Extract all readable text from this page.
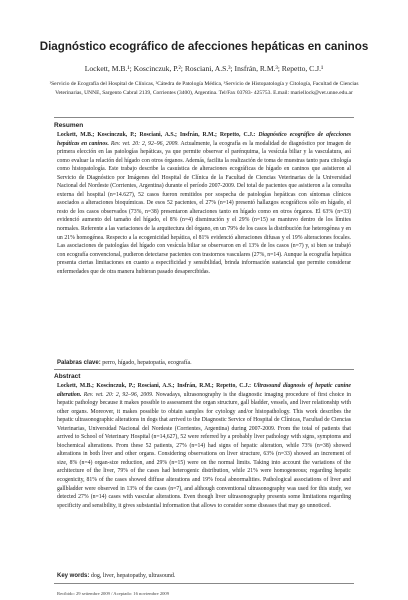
Diagnóstico ecográfico de afecciones hepáticas en caninos
Lockett, M.B.¹; Koscinczuk, P.²; Rosciani, A.S.³; Insfrán, R.M.³; Repetto, C.J.¹
¹Servicio de Ecografía del Hospital de Clínicas, ²Cátedra de Patología Médica, ³Servicio de Histopatología y Citología, Facultad de Ciencias Veterinarias, UNNE, Sargento Cabral 2139, Corrientes (3400), Argentina. Tel/Fax 03783- 425753. E.mail: mariellock@vet.unne.edu.ar
Resumen

Lockett, M.B.; Koscinczuk, P.; Rosciani, A.S.; Insfrán, R.M.; Repetto, C.J.: Diagnóstico ecográfico de afecciones hepáticas en caninos. Rev. vet. 20: 2, 92–96, 2009. Actualmente, la ecografía es la modalidad de diagnóstico por imagen de primera elección en las patologías hepáticas, ya que permite observar el parénquima, la vesícula biliar y la vasculatura, así como evaluar la relación del hígado con otros órganos. Además, facilita la realización de toma de muestras tanto para citología como histopatología. Este trabajo describe la casuística de alteraciones ecográficas de hígado en caninos que asistieron al Servicio de Diagnóstico por Imágenes del Hospital de Clínica de la Facultad de Ciencias Veterinarias de la Universidad Nacional del Nordeste (Corrientes, Argentina) durante el período 2007-2009. Del total de pacientes que asistieron a la consulta externa del hospital (n=14.627), 52 casos fueron remitidos por sospecha de patologías hepáticas con síntomas clínicos asociados a alteraciones bioquímicas. De esos 52 pacientes, el 27% (n=14) presentó hallazgos ecográficos sólo en hígado, el resto de los casos observados (73%, n=38) presentaron alteraciones tanto en hígado como en otros órganos. El 63% (n=33) evidenció aumento del tamaño del hígado, el 8% (n=4) disminución y el 29% (n=15) se mantuvo dentro de los límites normales. Referente a las variaciones de la arquitectura del órgano, en un 79% de los casos la distribución fue heterogénea y en un 21% homogénea. Respecto a la ecogenicidad hepática, el 81% evidenció alteraciones difusas y el 19% alteraciones focales. Las asociaciones de patologías del hígado con vesícula biliar se observaron en el 13% de los casos (n=7) y, si bien se trabajó con ecografía convencional, pudieron detectarse pacientes con trastornos vasculares (27%, n=14). Aunque la ecografía hepática presenta ciertas limitaciones en cuanto a especificidad y sensibilidad, brinda información sustancial que permite considerar enfermedades que de otra manera hubieran pasado desapercibidas.

Palabras clave: perro, hígado, hepatopatía, ecografía.
Abstract

Lockett, M.B.; Koscinczuk, P.; Rosciani, A.S.; Insfrán, R.M.; Repetto, C.J.: Ultrasound diagnosis of hepatic canine alteration. Rev. vet. 20: 2, 92–96, 2009. Nowadays, ultrasonography is the diagnostic imaging procedure of first choice in hepatic pathology because it makes possible to assessment the organ structure, gall bladder, vessels, and liver relationship with other organs. Moreover, it makes possible to obtain samples for cytology and/or histopathology. This work describes the hepatic ultrasonographic alterations in dogs that arrived to the Diagnostic Service of Hospital de Clínicas, Facultad de Ciencias Veterinarias, Universidad Nacional del Nordeste (Corrientes, Argentina) during 2007-2009. From the total of patients that arrived to School of Veterinary Hospital (n=14,627), 52 were referred by a probably liver pathology with signs, symptoms and biochemical alterations. From these 52 patients, 27% (n=14) had signs of hepatic alteration, while 73% (n=38) showed alterations in both liver and other organs. Considering observations on liver structure, 63% (n=33) showed an increment of size, 8% (n=4) organ-size reduction, and 29% (n=15) were on the normal limits. Taking into account the variations of the architecture of the liver, 79% of the cases had heterogenic distribution, while 21% were homogeneous; regarding hepatic ecogenicity, 81% of the cases showed diffuse alterations and 19% focal abnormalities. Pathological associations of liver and gallbladder were observed in 13% of the cases (n=7), and although conventional ultrasonography was used for this study, we detected 27% (n=14) cases with vascular alterations. Even though liver ultrasonography presents some limitations regarding specificity and sensibility, it gives substantial information that allows to consider some diseases that may go unnoticed.

Key words: dog, liver, hepatopathy, ultrasound.
Recibido: 29 setiembre 2009 / Aceptado: 16 noviembre 2009
